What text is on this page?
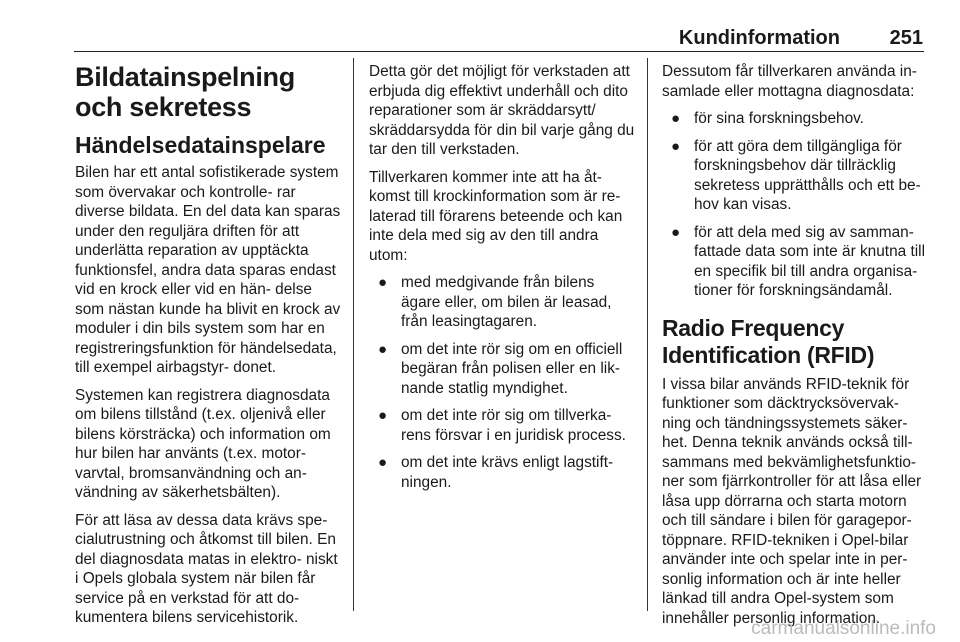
Kundinformation 251
Bildatainspelning och sekretess
Händelsedatainspelare

Bilen har ett antal sofistikerade system som övervakar och kontrolle- rar diverse bildata. En del data kan sparas under den reguljära driften för att underlätta reparation av upptäckta funktionsfel, andra data sparas endast vid en krock eller vid en hän- delse som nästan kunde ha blivit en krock av moduler i din bils system som har en registreringsfunktion för händelsedata, till exempel airbagstyr- donet.

Systemen kan registrera diagnosdata om bilens tillstånd (t.ex. oljenivå eller bilens körsträcka) och information om hur bilen har använts (t.ex. motor- varvtal, bromsanvändning och an- vändning av säkerhetsbälten).

För att läsa av dessa data krävs spe- cialutrustning och åtkomst till bilen. En del diagnosdata matas in elektro- niskt i Opels globala system när bilen får service på en verkstad för att do- kumentera bilens servicehistorik.

Detta gör det möjligt för verkstaden att erbjuda dig effektivt underhåll och dito reparationer som är skräddarsytt/ skräddarsydda för din bil varje gång du tar den till verkstaden.

Tillverkaren kommer inte att ha åt- komst till krockinformation som är re- laterad till förarens beteende och kan inte dela med sig av den till andra utom:

● med medgivande från bilens ägare eller, om bilen är leasad, från leasingtagaren.
● om det inte rör sig om en officiell begäran från polisen eller en lik- nande statlig myndighet.
● om det inte rör sig om tillverka- rens försvar i en juridisk process.
● om det inte krävs enligt lagstift- ningen.

Dessutom får tillverkaren använda in- samlade eller mottagna diagnosdata:

● för sina forskningsbehov.
● för att göra dem tillgängliga för forskningsbehov där tillräcklig sekretess upprätthålls och ett be- hov kan visas.
● för att dela med sig av samman- fattade data som inte är knutna till en specifik bil till andra organisa- tioner för forskningsändamål.
Radio Frequency Identification (RFID)

I vissa bilar används RFID-teknik för funktioner som däcktrycksövervak- ning och tändningssystemets säker- het. Denna teknik används också till- sammans med bekvämlighetsfunktio- ner som fjärrkontroller för att låsa eller låsa upp dörrarna och starta motorn och till sändare i bilen för garagepor- töppnare. RFID-tekniken i Opel-bilar använder inte och spelar inte in per- sonlig information och är inte heller länkad till andra Opel-system som innehåller personlig information.

carmanualsonline.info
